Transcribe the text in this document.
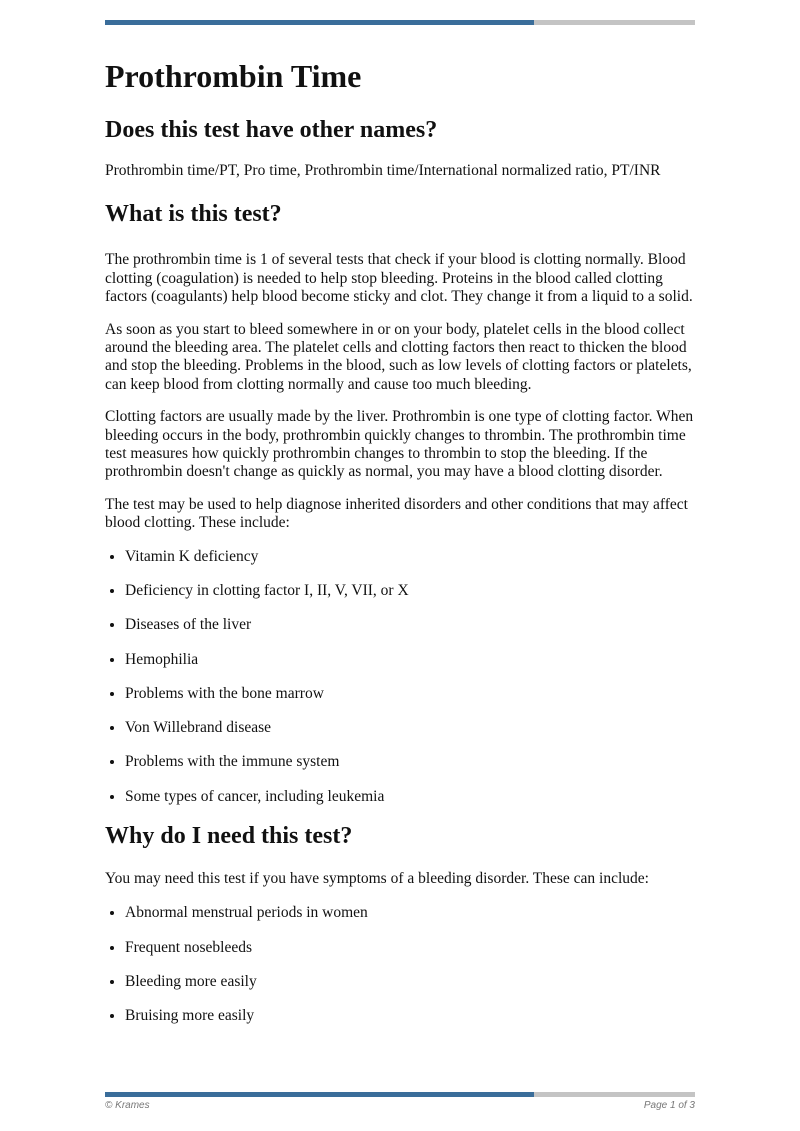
Prothrombin Time
Does this test have other names?

Prothrombin time/PT, Pro time, Prothrombin time/International normalized ratio, PT/INR

What is this test?

The prothrombin time is 1 of several tests that check if your blood is clotting normally. Blood clotting (coagulation) is needed to help stop bleeding. Proteins in the blood called clotting factors (coagulants) help blood become sticky and clot. They change it from a liquid to a solid.

As soon as you start to bleed somewhere in or on your body, platelet cells in the blood collect around the bleeding area. The platelet cells and clotting factors then react to thicken the blood and stop the bleeding. Problems in the blood, such as low levels of clotting factors or platelets, can keep blood from clotting normally and cause too much bleeding.

Clotting factors are usually made by the liver. Prothrombin is one type of clotting factor. When bleeding occurs in the body, prothrombin quickly changes to thrombin. The prothrombin time test measures how quickly prothrombin changes to thrombin to stop the bleeding. If the prothrombin doesn't change as quickly as normal, you may have a blood clotting disorder.

The test may be used to help diagnose inherited disorders and other conditions that may affect blood clotting. These include:

• Vitamin K deficiency
• Deficiency in clotting factor I, II, V, VII, or X
• Diseases of the liver
• Hemophilia
• Problems with the bone marrow
• Von Willebrand disease
• Problems with the immune system
• Some types of cancer, including leukemia
Why do I need this test?

You may need this test if you have symptoms of a bleeding disorder. These can include:

• Abnormal menstrual periods in women
• Frequent nosebleeds
• Bleeding more easily
• Bruising more easily
© Krames	Page 1 of 3
